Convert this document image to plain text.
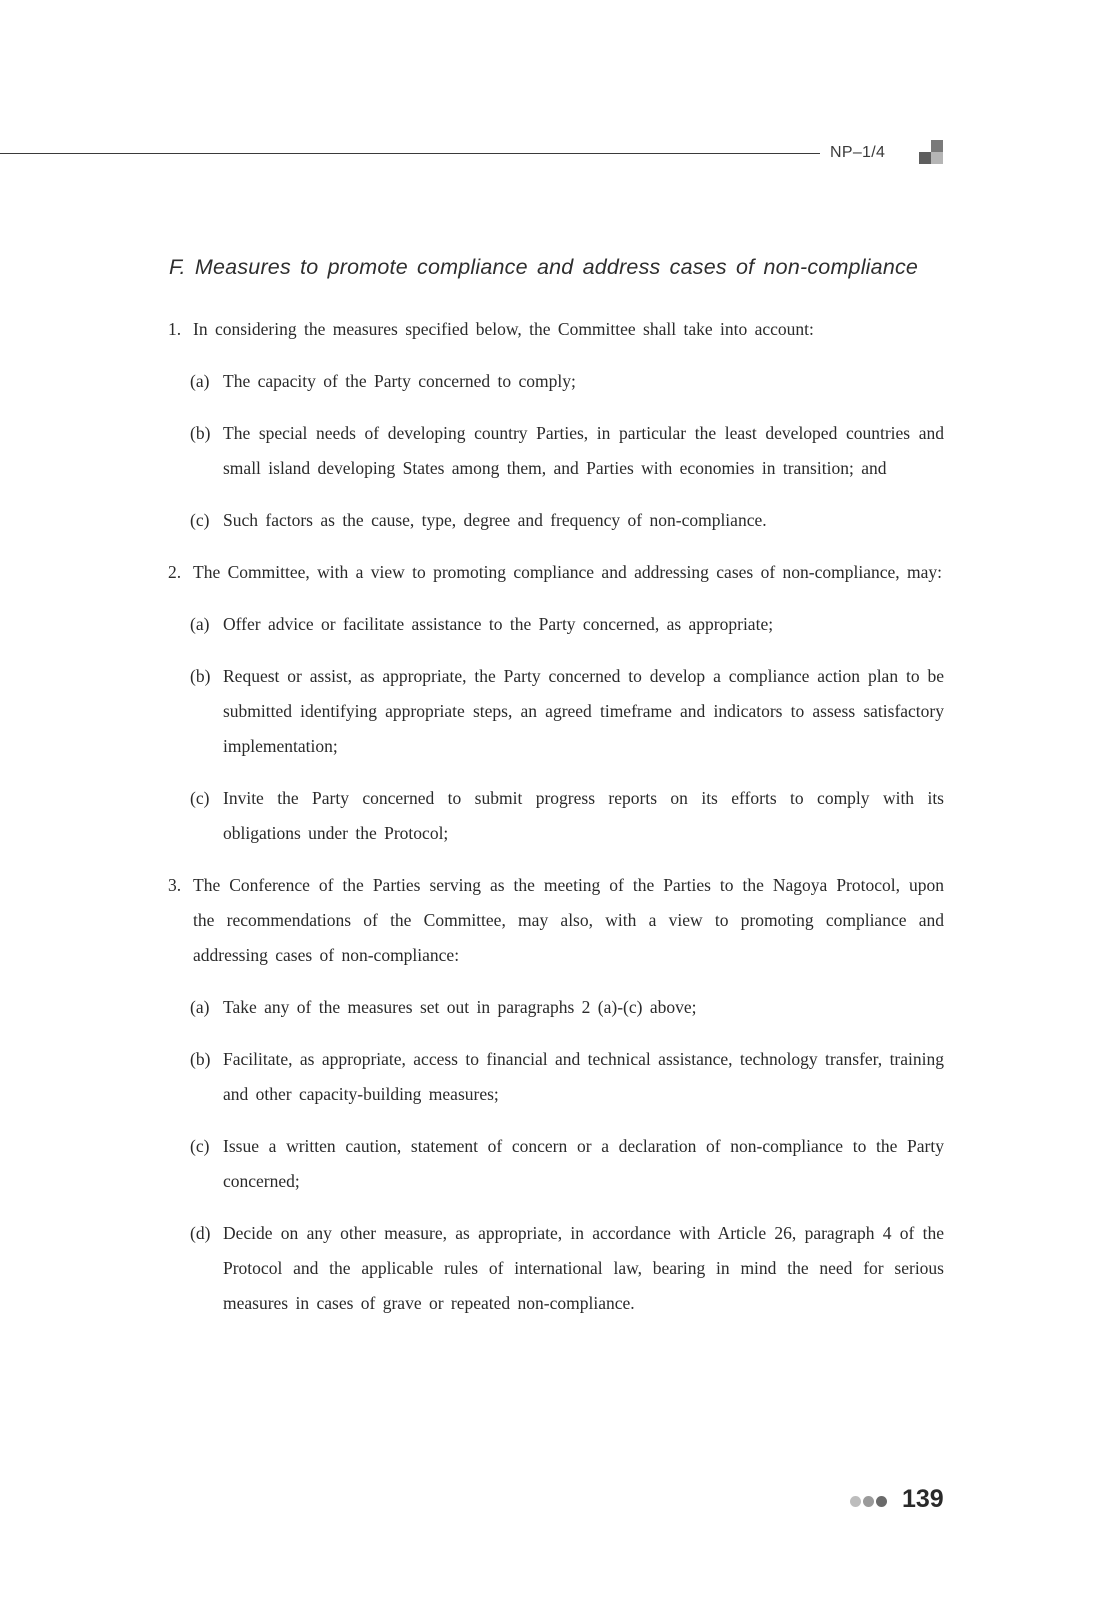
NP–1/4
F. Measures to promote compliance and address cases of non-compliance
1. In considering the measures specified below, the Committee shall take into account:
(a) The capacity of the Party concerned to comply;
(b) The special needs of developing country Parties, in particular the least developed countries and small island developing States among them, and Parties with economies in transition; and
(c) Such factors as the cause, type, degree and frequency of non-compliance.
2. The Committee, with a view to promoting compliance and addressing cases of non-compliance, may:
(a) Offer advice or facilitate assistance to the Party concerned, as appropriate;
(b) Request or assist, as appropriate, the Party concerned to develop a compliance action plan to be submitted identifying appropriate steps, an agreed timeframe and indicators to assess satisfactory implementation;
(c) Invite the Party concerned to submit progress reports on its efforts to comply with its obligations under the Protocol;
3. The Conference of the Parties serving as the meeting of the Parties to the Nagoya Protocol, upon the recommendations of the Committee, may also, with a view to promoting compliance and addressing cases of non-compliance:
(a) Take any of the measures set out in paragraphs 2 (a)-(c) above;
(b) Facilitate, as appropriate, access to financial and technical assistance, technology transfer, training and other capacity-building measures;
(c) Issue a written caution, statement of concern or a declaration of non-compliance to the Party concerned;
(d) Decide on any other measure, as appropriate, in accordance with Article 26, paragraph 4 of the Protocol and the applicable rules of international law, bearing in mind the need for serious measures in cases of grave or repeated non-compliance.
139
